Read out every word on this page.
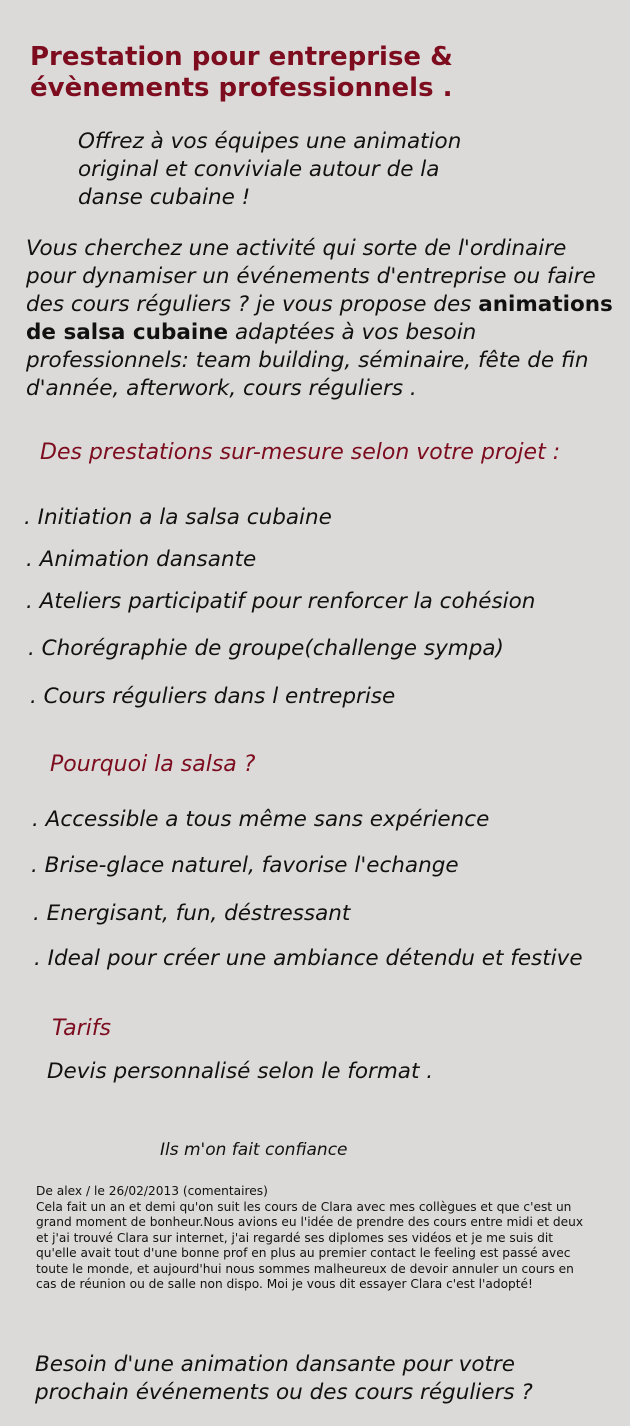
Prestation pour entreprise & évènements professionnels .
Offrez à vos équipes une animation original et conviviale autour de la danse cubaine !
Vous cherchez une activité qui sorte de l'ordinaire pour dynamiser un événements d'entreprise ou faire des cours réguliers ? je vous propose des animations de salsa cubaine adaptées à vos besoin professionnels: team building, séminaire, fête de fin d'année, afterwork, cours réguliers .
Des prestations sur-mesure selon votre projet :
. Initiation a la salsa cubaine
. Animation dansante
. Ateliers participatif pour renforcer la cohésion
. Chorégraphie de groupe(challenge sympa)
. Cours réguliers dans l entreprise
Pourquoi la salsa ?
. Accessible a tous même sans expérience
. Brise-glace naturel, favorise l'echange
. Energisant, fun, déstressant
. Ideal pour créer une ambiance détendu et festive
Tarifs
Devis personnalisé selon le format .
Ils m'on fait confiance
De alex / le 26/02/2013 (comentaires)
Cela fait un an et demi qu'on suit les cours de Clara avec mes collègues et que c'est un
grand moment de bonheur.Nous avions eu l'idée de prendre des cours entre midi et deux
et j'ai trouvé Clara sur internet, j'ai regardé ses diplomes ses vidéos et je me suis dit
qu'elle avait tout d'une bonne prof en plus au premier contact le feeling est passé avec
toute le monde, et aujourd'hui nous sommes malheureux de devoir annuler un cours en
cas de réunion ou de salle non dispo. Moi je vous dit essayer Clara c'est l'adopté!
Besoin d'une animation dansante pour votre prochain événements ou des cours réguliers ?
